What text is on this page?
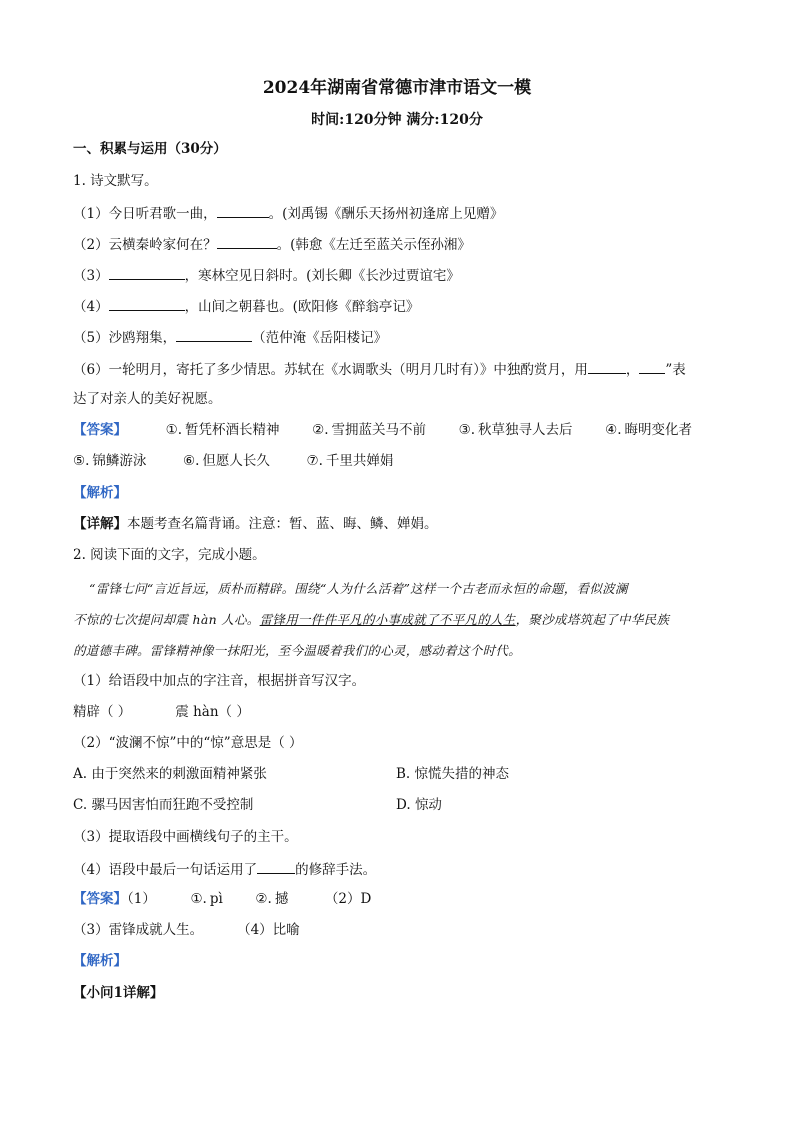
2024年湖南省常德市津市语文一模
时间:120分钟 满分:120分
一、积累与运用（30分）
1. 诗文默写。
（1）今日听君歌一曲，	。(刘禹锡《酬乐天扬州初逢席上见赠》
（2）云横秦岭家何在？	。(韩愈《左迁至蓝关示侄孙湘》
（3）	，寒林空见日斜时。(刘长卿《长沙过贾谊宅》
（4）	，山间之朝暮也。(欧阳修《醉翁亭记》
（5）沙鸥翔集，	（范仲淹《岳阳楼记》
（6）一轮明月，寄托了多少情思。苏轼在《水调歌头（明月几时有）》中独酌赏月，用	， ”表
达了对亲人的美好祝愿。
【答案】	①. 暂凭杯酒长精神 ②. 雪拥蓝关马不前 ③. 秋草独寻人去后 ④. 晦明变化者
⑤. 锦鳞游泳	⑥. 但愿人长久	⑦. 千里共婵娟
【解析】
【详解】本题考查名篇背诵。注意：暂、蓝、晦、鳞、婵娟。
2. 阅读下面的文字，完成小题。
“雷锋七问“言近旨远，质朴而精辟。围绕“人为什么活着”这样一个古老而永恒的命题，看似波澜
不惊的七次提问却震 hàn 人心。雷锋用一件件平凡的小事成就了不平凡的人生，聚沙成塔筑起了中华民族
的道德丰碑。雷锋精神像一抹阳光，至今温暖着我们的心灵，感动着这个时代。
（1）给语段中加点的字注音，根据拼音写汉字。
精辟（ ）	震 hàn（ ）
（2）“波澜不惊”中的“惊”意思是（ ）
A. 由于突然来的刺激面精神紧张	B. 惊慌失措的神态
C. 骡马因害怕而狂跑不受控制	D. 惊动
（3）提取语段中画横线句子的主干。
（4）语段中最后一句话运用了	的修辞手法。
【答案】（1）	①. pì ②. 撼	（2）D
（3）雷锋成就人生。	（4）比喻
【解析】
【小问1详解】
